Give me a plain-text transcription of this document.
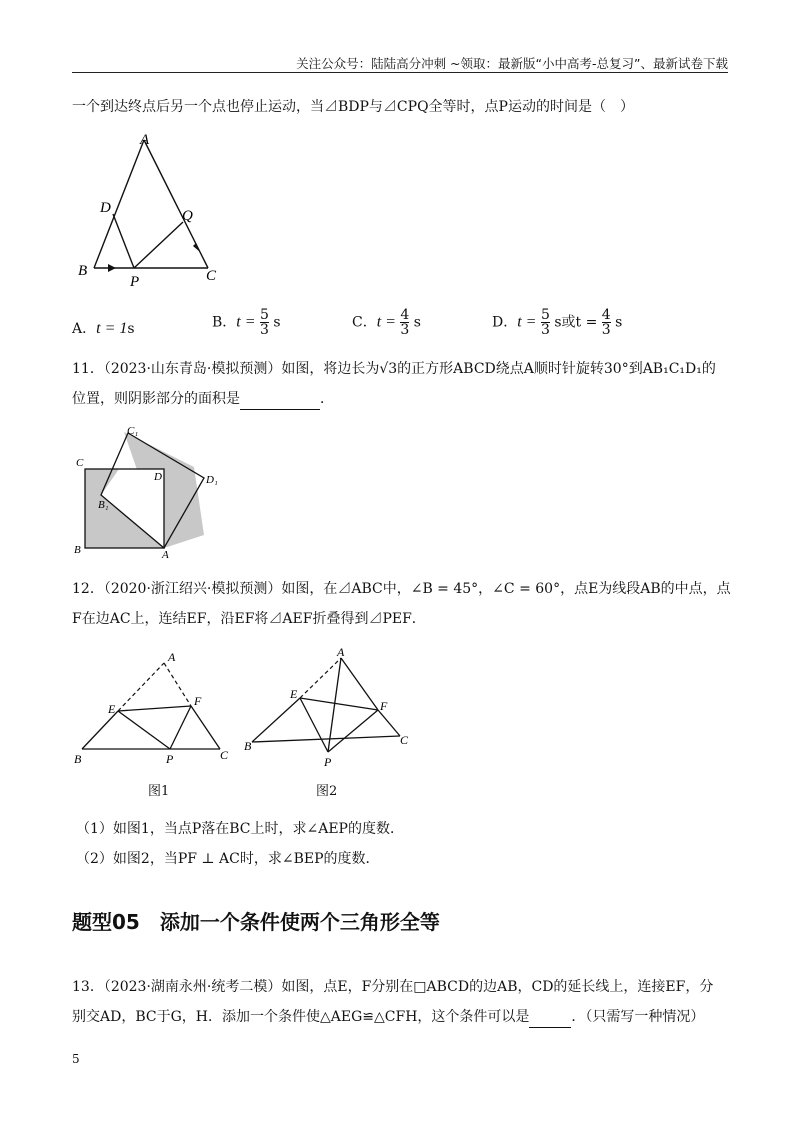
关注公众号：陆陆高分冲刺 ~领取：最新版“小中高考-总复习”、最新试卷下载
一个到达终点后另一个点也停止运动，当⊿BDP与⊿CPQ全等时，点P运动的时间是（　）
A
D	Q
B
P	C
A．t = 1s	B．$t = \frac{5}{3}$ s	C．$t = \frac{4}{3}$ s	D．$t = \frac{5}{3}$ s或$t = \frac{4}{3}$ s
11．（2023·山东青岛·模拟预测）如图，将边长为√3的正方形ABCD绕点A顺时针旋转30°到AB₁C₁D₁的
位置，则阴影部分的面积是	．
C₁
C
D	D₁
B₁
B	A
12．（2020·浙江绍兴·模拟预测）如图，在⊿ABC中，∠B = 45°，∠C = 60°，点E为线段AB的中点，点
F在边AC上，连结EF，沿EF将⊿AEF折叠得到⊿PEF．
A
E
F
B	P	C
A
E
F
B
P
C
图1	图2
（1）如图1，当点P落在BC上时，求∠AEP的度数．
（2）如图2，当PF ⊥ AC时，求∠BEP的度数．
题型05　添加一个条件使两个三角形全等
13．（2023·湖南永州·统考二模）如图，点E，F分别在□ABCD的边AB，CD的延长线上，连接EF，分
别交AD，BC于G，H．添加一个条件使△AEG≌△CFH，这个条件可以是	．（只需写一种情况）
5
